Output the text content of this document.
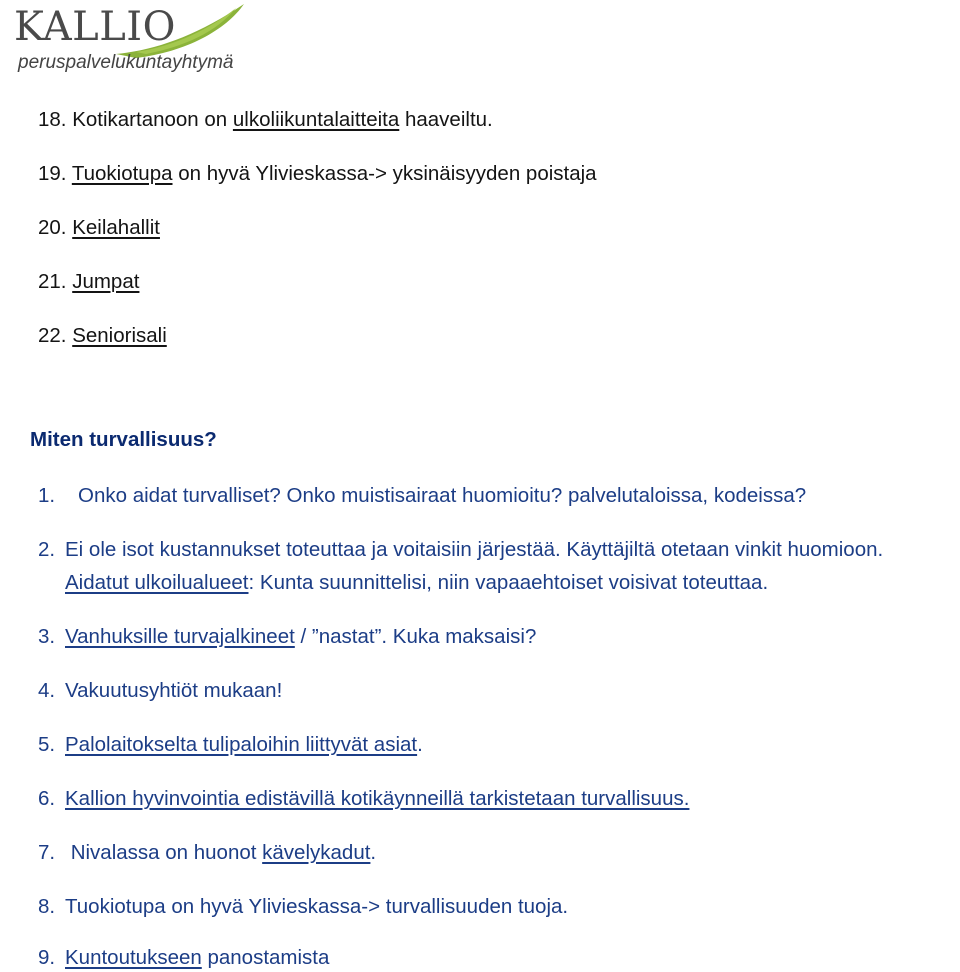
KALLIO
peruspalvelukuntayhtymä
18. Kotikartanoon on ulkoliikuntalaitteita haaveiltu.
19. Tuokiotupa on hyvä Ylivieskassa-> yksinäisyyden poistaja
20. Keilahallit
21. Jumpat
22. Seniorisali
Miten turvallisuus?
1. Onko aidat turvalliset? Onko muistisairaat huomioitu? palvelutaloissa, kodeissa?
2. Ei ole isot kustannukset toteuttaa ja voitaisiin järjestää. Käyttäjiltä otetaan vinkit huomioon.
Aidatut ulkoilualueet: Kunta suunnittelisi, niin vapaaehtoiset voisivat toteuttaa.
3. Vanhuksille turvajalkineet / ”nastat”. Kuka maksaisi?
4. Vakuutusyhtiöt mukaan!
5. Palolaitokselta tulipaloihin liittyvät asiat.
6. Kallion hyvinvointia edistävillä kotikäynneillä tarkistetaan turvallisuus.
7. Nivalassa on huonot kävelykadut.
8. Tuokiotupa on hyvä Ylivieskassa-> turvallisuuden tuoja.
9. Kuntoutukseen panostamista
